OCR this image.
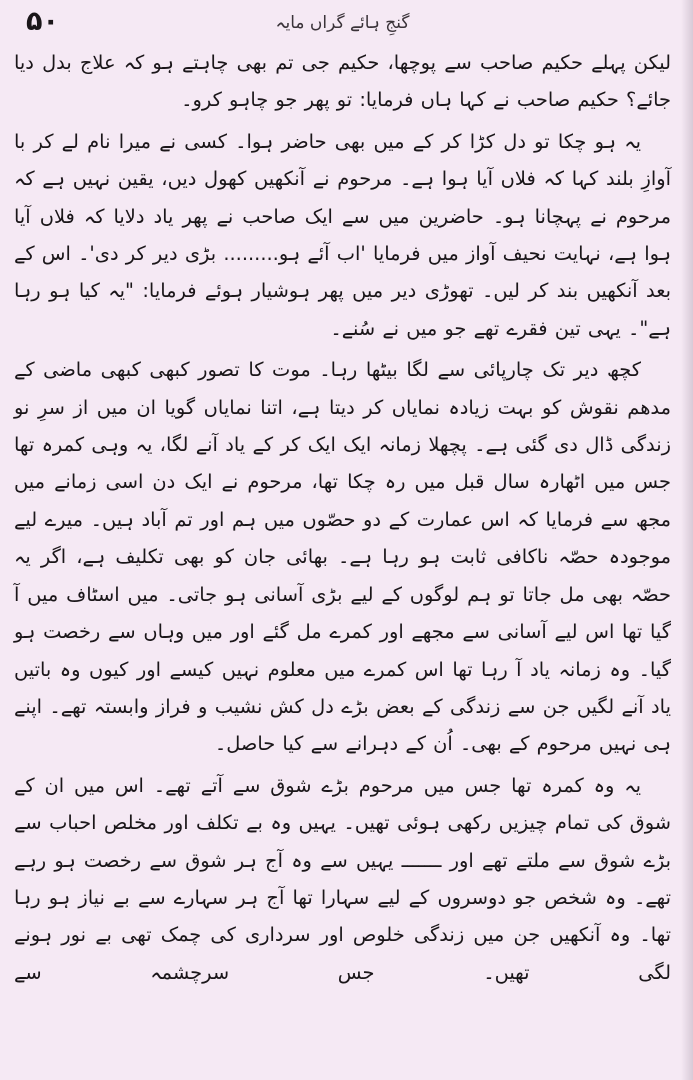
گنجِ ہائے گراں مایہ
۵۰

لیکن پہلے حکیم صاحب سے پوچھا، حکیم جی تم بھی چاہتے ہو کہ علاج بدل دیا جائے؟ حکیم صاحب نے کہا ہاں فرمایا: تو پھر جو چاہو کرو۔

یہ ہو چکا تو دل کڑا کر کے میں بھی حاضر ہوا۔ کسی نے میرا نام لے کر با آوازِ بلند کہا کہ فلاں آیا ہوا ہے۔ مرحوم نے آنکھیں کھول دیں، یقین نہیں ہے کہ مرحوم نے پہچانا ہو۔ حاضرین میں سے ایک صاحب نے پھر یاد دلایا کہ فلاں آیا ہوا ہے، نہایت نحیف آواز میں فرمایا 'اب آئے ہو......... بڑی دیر کر دی'۔ اس کے بعد آنکھیں بند کر لیں۔ تھوڑی دیر میں پھر ہوشیار ہوئے فرمایا: "یہ کیا ہو رہا ہے"۔ یہی تین فقرے تھے جو میں نے سُنے۔

کچھ دیر تک چارپائی سے لگا بیٹھا رہا۔ موت کا تصور کبھی کبھی ماضی کے مدھم نقوش کو بہت زیادہ نمایاں کر دیتا ہے، اتنا نمایاں گویا ان میں از سرِ نو زندگی ڈال دی گئی ہے۔ پچھلا زمانہ ایک ایک کر کے یاد آنے لگا، یہ وہی کمرہ تھا جس میں اٹھارہ سال قبل میں رہ چکا تھا، مرحوم نے ایک دن اسی زمانے میں مجھ سے فرمایا کہ اس عمارت کے دو حصّوں میں ہم اور تم آباد ہیں۔ میرے لیے موجودہ حصّہ ناکافی ثابت ہو رہا ہے۔ بھائی جان کو بھی تکلیف ہے، اگر یہ حصّہ بھی مل جاتا تو ہم لوگوں کے لیے بڑی آسانی ہو جاتی۔ میں اسٹاف میں آ گیا تھا اس لیے آسانی سے مجھے اور کمرے مل گئے اور میں وہاں سے رخصت ہو گیا۔ وہ زمانہ یاد آ رہا تھا اس کمرے میں معلوم نہیں کیسے اور کیوں وہ باتیں یاد آنے لگیں جن سے زندگی کے بعض بڑے دل کش نشیب و فراز وابستہ تھے۔ اپنے ہی نہیں مرحوم کے بھی۔ اُن کے دہرانے سے کیا حاصل۔

یہ وہ کمرہ تھا جس میں مرحوم بڑے شوق سے آتے تھے۔ اس میں ان کے شوق کی تمام چیزیں رکھی ہوئی تھیں۔ یہیں وہ بے تکلف اور مخلص احباب سے بڑے شوق سے ملتے تھے اور ـــــــ یہیں سے وہ آج ہر شوق سے رخصت ہو رہے تھے۔ وہ شخص جو دوسروں کے لیے سہارا تھا آج ہر سہارے سے بے نیاز ہو رہا تھا۔ وہ آنکھیں جن میں زندگی خلوص اور سرداری کی چمک تھی بے نور ہونے لگی تھیں۔ جس سرچشمہ سے
